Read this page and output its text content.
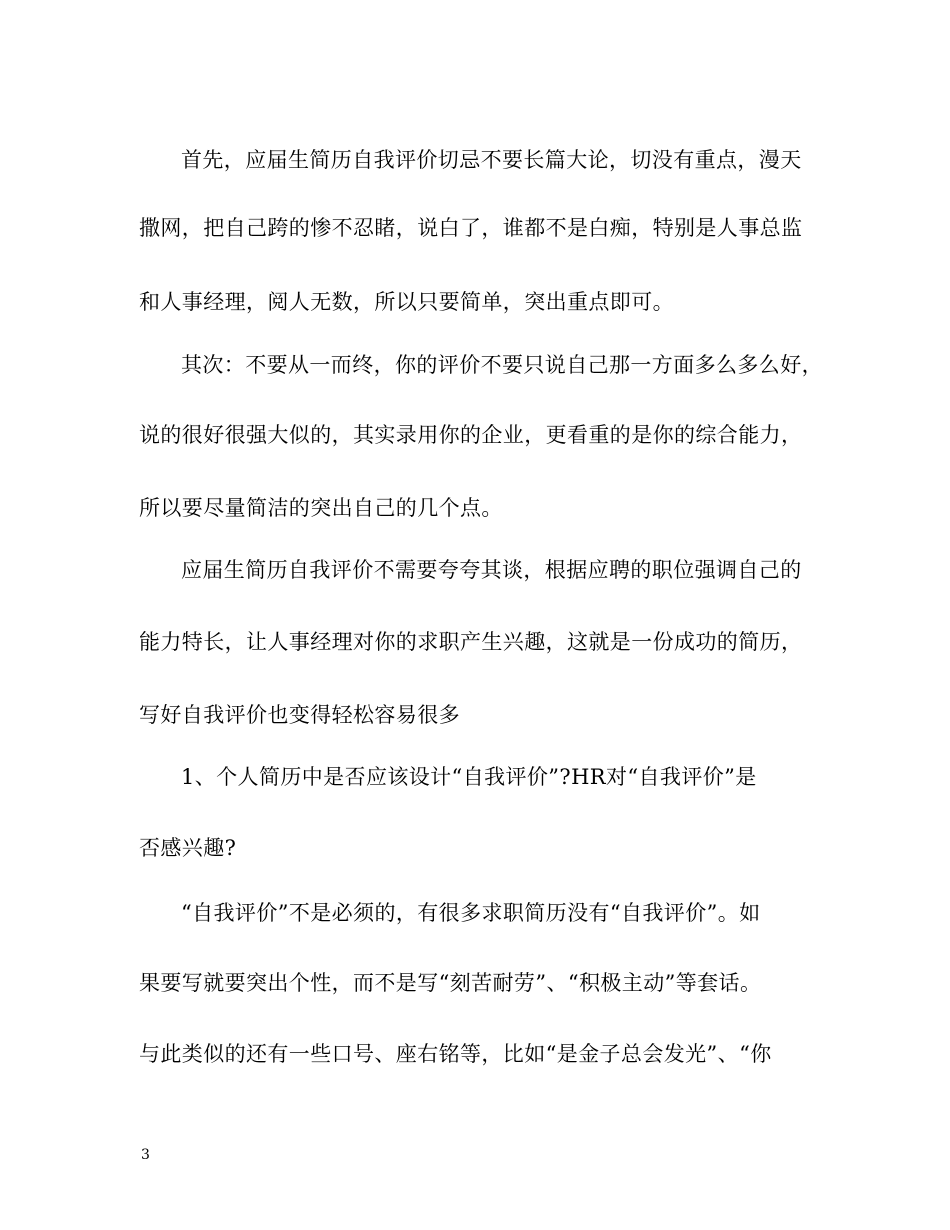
首先，应届生简历自我评价切忌不要长篇大论，切没有重点，漫天
撒网，把自己跨的惨不忍睹，说白了，谁都不是白痴，特别是人事总监
和人事经理，阅人无数，所以只要简单，突出重点即可。
其次：不要从一而终，你的评价不要只说自己那一方面多么多么好，
说的很好很强大似的，其实录用你的企业，更看重的是你的综合能力，
所以要尽量简洁的突出自己的几个点。
应届生简历自我评价不需要夸夸其谈，根据应聘的职位强调自己的
能力特长，让人事经理对你的求职产生兴趣，这就是一份成功的简历，
写好自我评价也变得轻松容易很多
1、个人简历中是否应该设计“自我评价”?HR对“自我评价”是
否感兴趣?
“自我评价”不是必须的，有很多求职简历没有“自我评价”。如
果要写就要突出个性，而不是写“刻苦耐劳”、“积极主动”等套话。
与此类似的还有一些口号、座右铭等，比如“是金子总会发光”、“你
3
